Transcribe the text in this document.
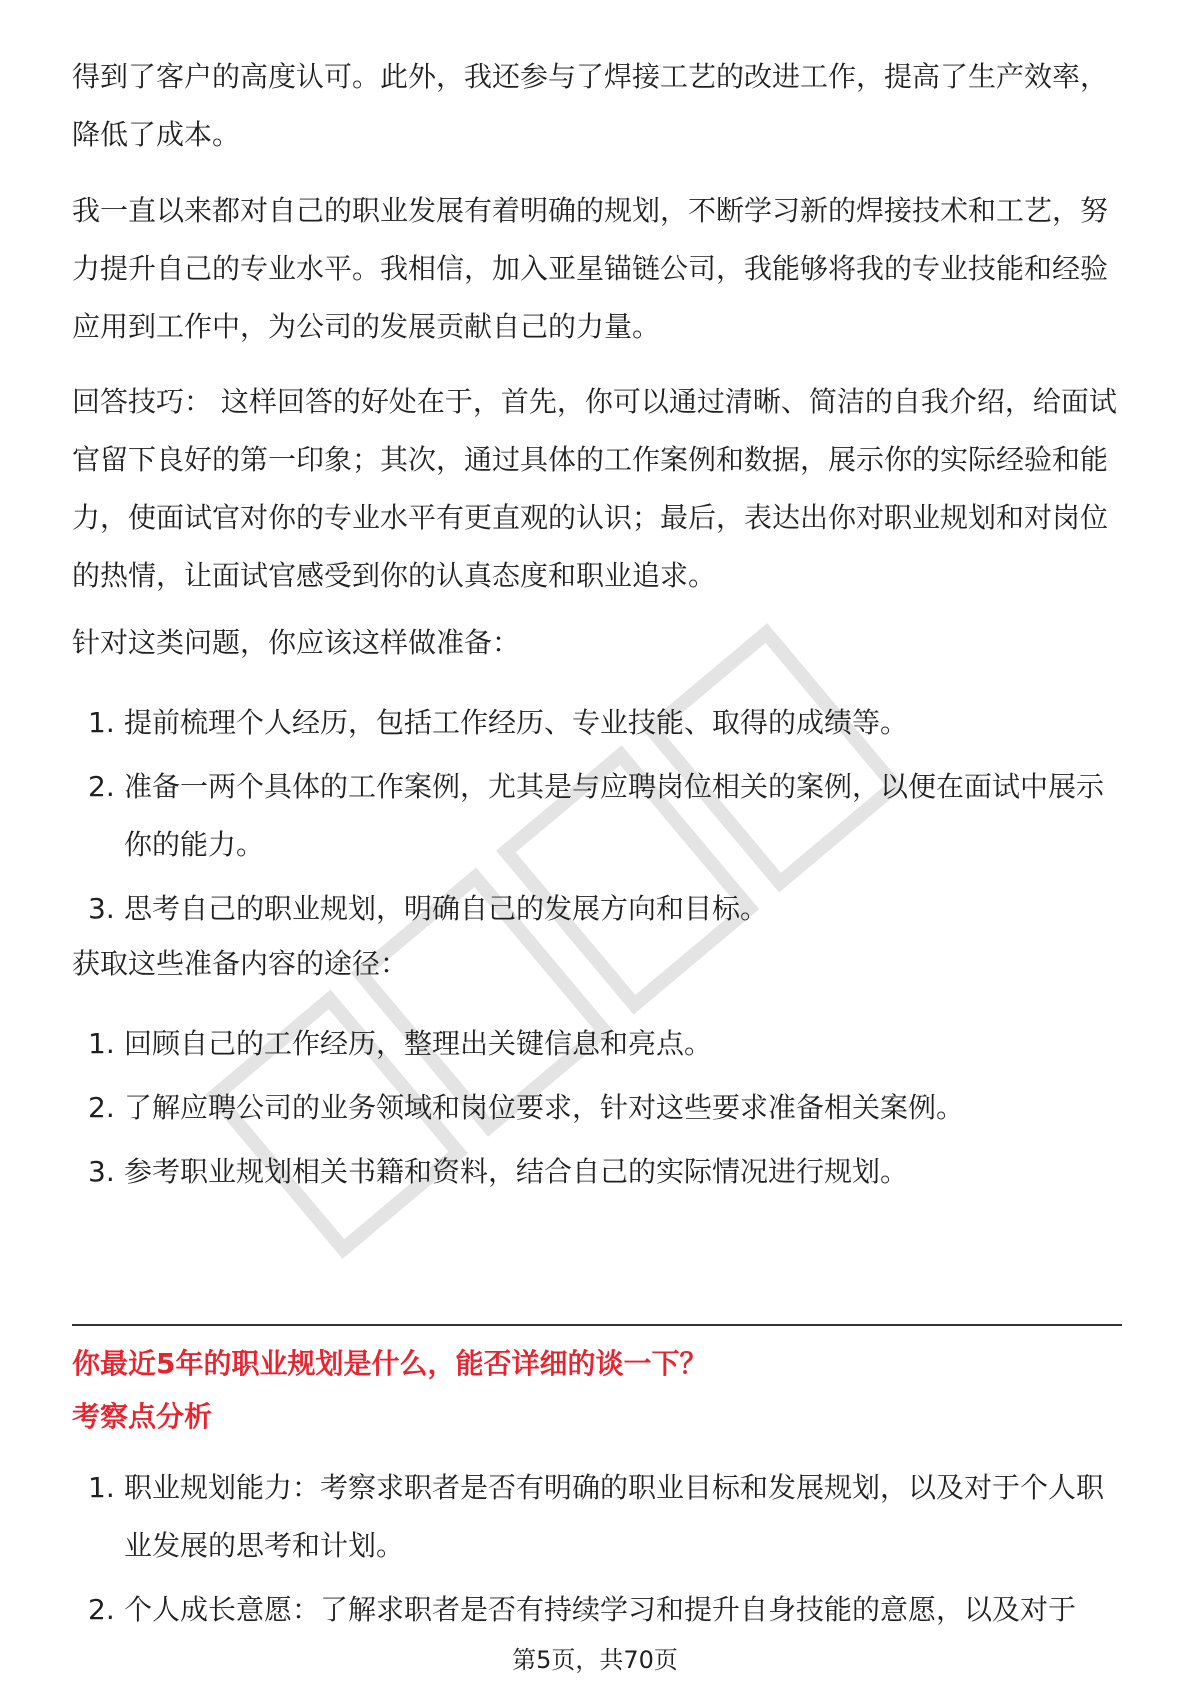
得到了客户的高度认可。此外，我还参与了焊接工艺的改进工作，提高了生产效率，降低了成本。

我一直以来都对自己的职业发展有着明确的规划，不断学习新的焊接技术和工艺，努力提升自己的专业水平。我相信，加入亚星锚链公司，我能够将我的专业技能和经验应用到工作中，为公司的发展贡献自己的力量。

回答技巧： 这样回答的好处在于，首先，你可以通过清晰、简洁的自我介绍，给面试官留下良好的第一印象；其次，通过具体的工作案例和数据，展示你的实际经验和能力，使面试官对你的专业水平有更直观的认识；最后，表达出你对职业规划和对岗位的热情，让面试官感受到你的认真态度和职业追求。

针对这类问题，你应该这样做准备：

1. 提前梳理个人经历，包括工作经历、专业技能、取得的成绩等。
2. 准备一两个具体的工作案例，尤其是与应聘岗位相关的案例，以便在面试中展示你的能力。
3. 思考自己的职业规划，明确自己的发展方向和目标。

获取这些准备内容的途径：

1. 回顾自己的工作经历，整理出关键信息和亮点。
2. 了解应聘公司的业务领域和岗位要求，针对这些要求准备相关案例。
3. 参考职业规划相关书籍和资料，结合自己的实际情况进行规划。
你最近5年的职业规划是什么，能否详细的谈一下？
考察点分析
1. 职业规划能力：考察求职者是否有明确的职业目标和发展规划，以及对于个人职业发展的思考和计划。
2. 个人成长意愿：了解求职者是否有持续学习和提升自身技能的意愿，以及对于
第5页，共70页
